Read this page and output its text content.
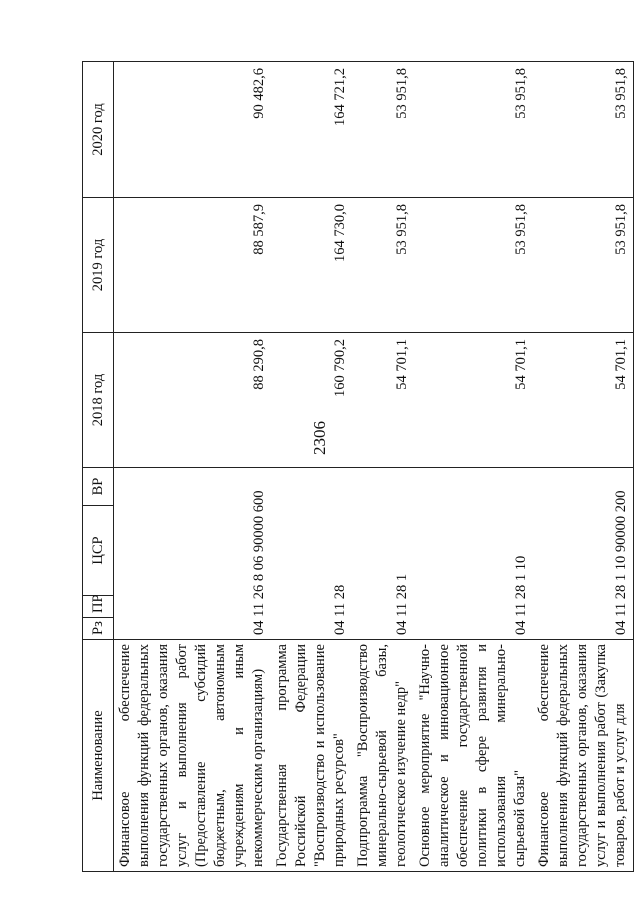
2306
Наименование	Рз	ПР	ЦСР	ВР	2018 год	2019 год	2020 год
Финансовое обеспечение выполнения функций федеральных государственных органов, оказания услуг и выполнения работ (Предоставление субсидий бюджетным, автономным учреждениям и иным некоммерческим организациям)	04 11 26 8 06 90000 600				88 290,8	88 587,9	90 482,6
Государственная программа Российской Федерации "Воспроизводство и использование природных ресурсов"	04 11 28				160 790,2	164 730,0	164 721,2
Подпрограмма "Воспроизводство минерально-сырьевой базы, геологическое изучение недр"	04 11 28 1				54 701,1	53 951,8	53 951,8
Основное мероприятие "Научно-аналитическое и инновационное обеспечение государственной политики в сфере развития и использования минерально-сырьевой базы"	04 11 28 1 10				54 701,1	53 951,8	53 951,8
Финансовое обеспечение выполнения функций федеральных государственных органов, оказания услуг и выполнения работ (Закупка товаров, работ и услуг для	04 11 28 1 10 90000 200				54 701,1	53 951,8	53 951,8
